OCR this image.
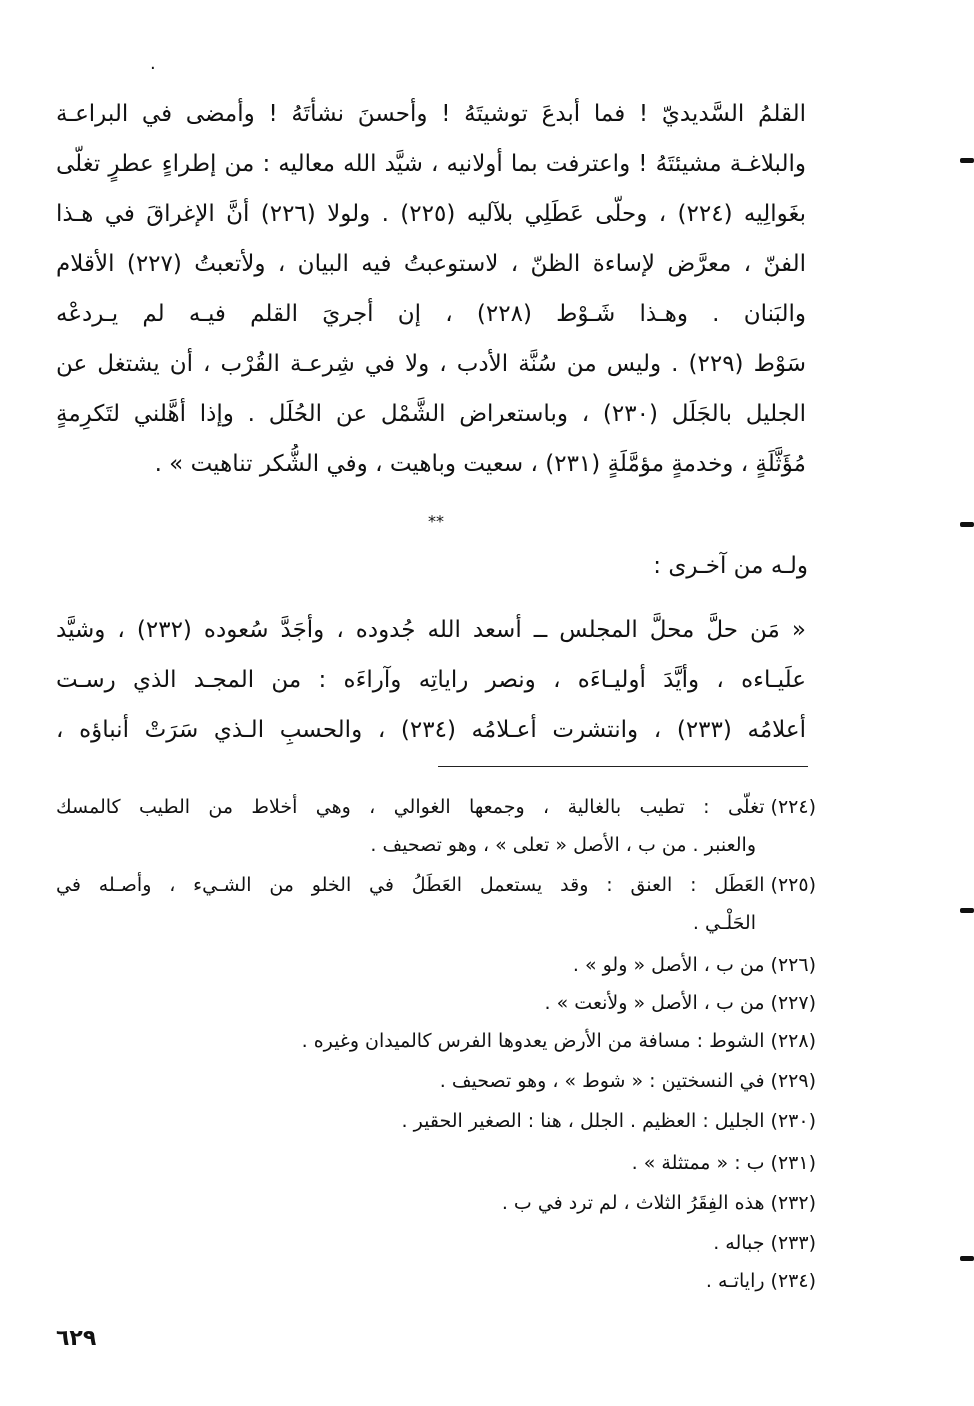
·
القلمُ السَّديديّ ! فما أبدعَ توشيتَهُ ! وأحسنَ نشأتَهُ ! وأمضى في البراعـة
والبلاغـة مشيئتَهُ ! واعترفت بما أولانيه ، شيَّد الله معاليه : من إطراءٍ عطرٍ تغلّى
بغَوالِيه (٢٢٤) ، وحلّى عَطَلِي بلآليه (٢٢٥) . ولولا (٢٢٦) أنَّ الإغراقَ في هـذا
الفنّ ، معرَّض لإساءة الظنّ ، لاستوعبتُ فيه البيان ، ولأتعبتُ (٢٢٧) الأقلام
والبَنان . وهـذا شَـوْط (٢٢٨) ، إن أجريَ القلم فيـه لم يـردعْه
سَوْط (٢٢٩) . وليس من سُنَّة الأدب ، ولا في شِرعـة القُرْب ، أن يشتغل عن
الجليل بالجَلَل (٢٣٠) ، وباستعراض الشَّمْل عن الحُلَل . وإذا أهَّلني لتَكرِمةٍ
مُؤَثَّلَةٍ ، وخدمةٍ مؤمَّلَةٍ (٢٣١) ، سعيت وباهيت ، وفي الشُّكر تناهيت » .
⁎⁎
ولـه من آخـرى :
« مَن حلَّ محلَّ المجلس ــ أسعد الله جُدوده ، وأجَدَّ سُعوده (٢٣٢) ، وشيَّد
علَيـاءه ، وأيَّدَ أوليـاءَه ، ونصر راياتِه وآراءَه : من المجـد الذي رسـت
أعلامُه (٢٣٣) ، وانتشرت أعـلامُه (٢٣٤) ، والحسبِ الـذي سَرَتْ أنباؤه ،
(٢٢٤)تغلّى : تطيب بالغالية ، وجمعها الغوالي ، وهي أخلاط من الطيب كالمسك
والعنبر . من ب ، الأصل « تعلى » ، وهو تصحيف .
(٢٢٥)العَطَل : العنق : وقد يستعمل العَطَلُ في الخلو من الشـيء ، وأصـله في
الحَلْـي .
(٢٢٦)من ب ، الأصل « ولو » .
(٢٢٧)من ب ، الأصل « ولأنعت » .
(٢٢٨)الشوط : مسافة من الأرض يعدوها الفرس كالميدان وغيره .
(٢٢٩)في النسختين : « شوط » ، وهو تصحيف .
(٢٣٠)الجليل : العظيم . الجلل ، هنا : الصغير الحقير .
(٢٣١)ب : « ممتثلة » .
(٢٣٢)هذه الفِقَرُ الثلاث ، لم ترد في ب .
(٢٣٣)جباله .
(٢٣٤)راياتـه .
٦٢٩
